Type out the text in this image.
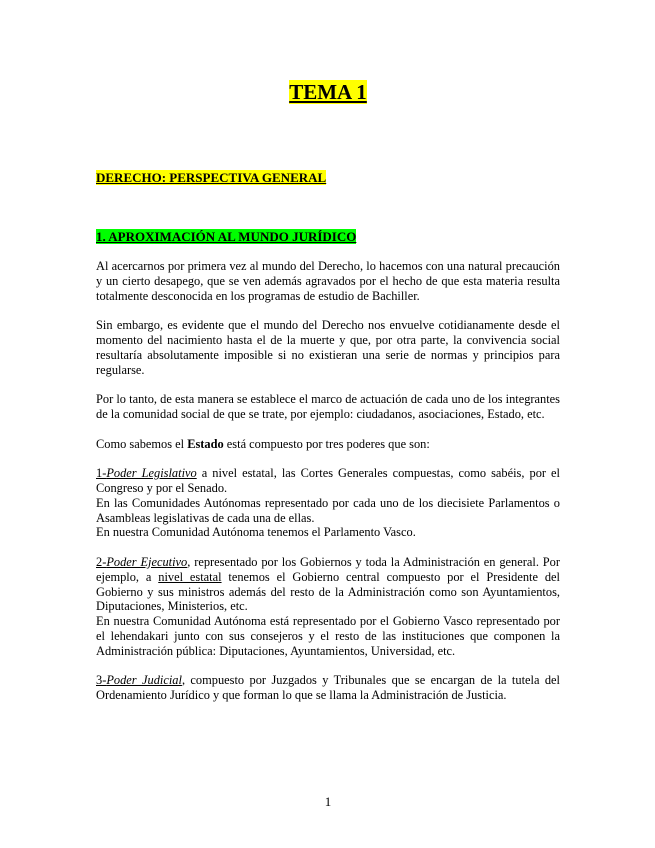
TEMA 1
DERECHO: PERSPECTIVA GENERAL
1. APROXIMACIÓN AL MUNDO JURÍDICO

Al acercarnos por primera vez al mundo del Derecho, lo hacemos con una natural precaución y un cierto desapego, que se ven además agravados por el hecho de que esta materia resulta totalmente desconocida en los programas de estudio de Bachiller.

Sin embargo, es evidente que el mundo del Derecho nos envuelve cotidianamente desde el momento del nacimiento hasta el de la muerte y que, por otra parte, la convivencia social resultaría absolutamente imposible si no existieran una serie de normas y principios para regularse.

Por lo tanto, de esta manera se establece el marco de actuación de cada uno de los integrantes de la comunidad social de que se trate, por ejemplo: ciudadanos, asociaciones, Estado, etc.

Como sabemos el Estado está compuesto por tres poderes que son:

1-Poder Legislativo a nivel estatal, las Cortes Generales compuestas, como sabéis, por el Congreso y por el Senado.

En las Comunidades Autónomas representado por cada uno de los diecisiete Parlamentos o Asambleas legislativas de cada una de ellas.

En nuestra Comunidad Autónoma tenemos el Parlamento Vasco.

2-Poder Ejecutivo, representado por los Gobiernos y toda la Administración en general. Por ejemplo, a nivel estatal tenemos el Gobierno central compuesto por el Presidente del Gobierno y sus ministros además del resto de la Administración como son Ayuntamientos, Diputaciones, Ministerios, etc.

En nuestra Comunidad Autónoma está representado por el Gobierno Vasco representado por el lehendakari junto con sus consejeros y el resto de las instituciones que componen la Administración pública: Diputaciones, Ayuntamientos, Universidad, etc.

3-Poder Judicial, compuesto por Juzgados y Tribunales que se encargan de la tutela del Ordenamiento Jurídico y que forman lo que se llama la Administración de Justicia.

1
